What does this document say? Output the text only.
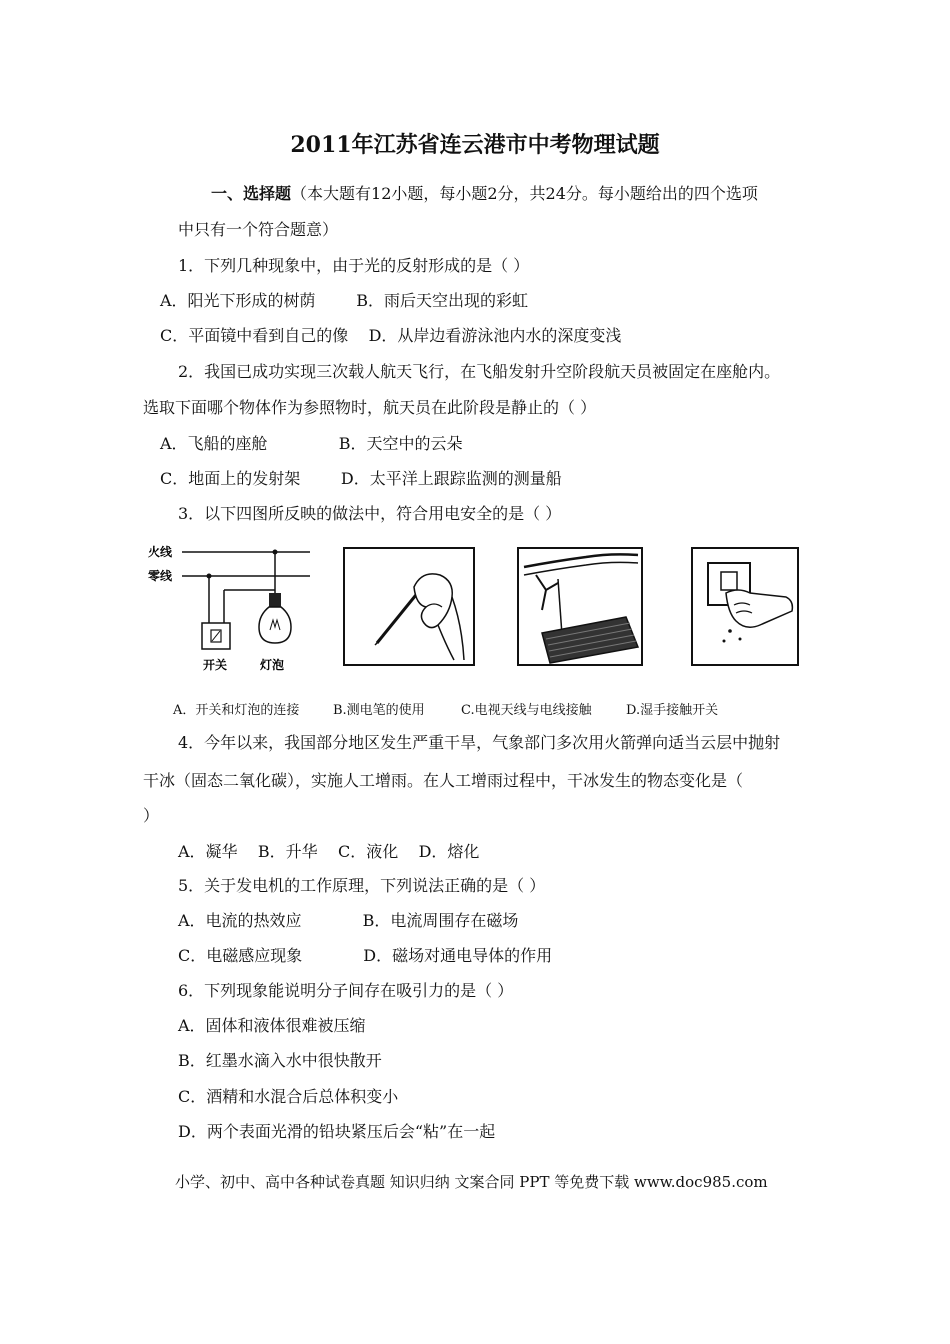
2011年江苏省连云港市中考物理试题
一、选择题（本大题有12小题，每小题2分，共24分。每小题给出的四个选项
中只有一个符合题意）
1．下列几种现象中，由于光的反射形成的是（ ）
A．阳光下形成的树荫        B．雨后天空出现的彩虹
C．平面镜中看到自己的像    D．从岸边看游泳池内水的深度变浅
2．我国已成功实现三次载人航天飞行，在飞船发射升空阶段航天员被固定在座舱内。
选取下面哪个物体作为参照物时，航天员在此阶段是静止的（ ）
A．飞船的座舱              B．天空中的云朵
C．地面上的发射架        D．太平洋上跟踪监测的测量船
3．以下四图所反映的做法中，符合用电安全的是（ ）
火线
零线
开关	灯泡
A．开关和灯泡的连接	B.测电笔的使用	C.电视天线与电线接触	D.湿手接触开关
4．今年以来，我国部分地区发生严重干旱，气象部门多次用火箭弹向适当云层中抛射
干冰（固态二氧化碳），实施人工增雨。在人工增雨过程中，干冰发生的物态变化是（
）
A．凝华    B．升华    C．液化    D．熔化
5．关于发电机的工作原理，下列说法正确的是（ ）
A．电流的热效应            B．电流周围存在磁场
C．电磁感应现象            D．磁场对通电导体的作用
6．下列现象能说明分子间存在吸引力的是（ ）
A．固体和液体很难被压缩
B．红墨水滴入水中很快散开
C．酒精和水混合后总体积变小
D．两个表面光滑的铅块紧压后会“粘”在一起
小学、初中、高中各种试卷真题 知识归纳 文案合同 PPT 等免费下载 www.doc985.com
